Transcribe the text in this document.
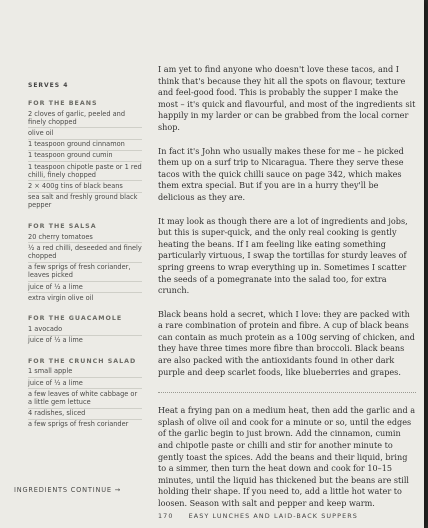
SERVES 4
FOR THE BEANS
2 cloves of garlic, peeled and finely chopped
olive oil
1 teaspoon ground cinnamon
1 teaspoon ground cumin
1 teaspoon chipotle paste or 1 red chilli, finely chopped
2 × 400g tins of black beans
sea salt and freshly ground black pepper
FOR THE SALSA
20 cherry tomatoes
½ a red chilli, deseeded and finely chopped
a few sprigs of fresh coriander, leaves picked
juice of ½ a lime
extra virgin olive oil
FOR THE GUACAMOLE
1 avocado
juice of ½ a lime
FOR THE CRUNCH SALAD
1 small apple
juice of ½ a lime
a few leaves of white cabbage or a little gem lettuce
4 radishes, sliced
a few sprigs of fresh coriander
INGREDIENTS CONTINUE →

I am yet to find anyone who doesn't love these tacos, and I think that's because they hit all the spots on flavour, texture and feel-good food. This is probably the supper I make the most – it's quick and flavourful, and most of the ingredients sit happily in my larder or can be grabbed from the local corner shop.

In fact it's John who usually makes these for me – he picked them up on a surf trip to Nicaragua. There they serve these tacos with the quick chilli sauce on page 342, which makes them extra special. But if you are in a hurry they'll be delicious as they are.

It may look as though there are a lot of ingredients and jobs, but this is super-quick, and the only real cooking is gently heating the beans. If I am feeling like eating something particularly virtuous, I swap the tortillas for sturdy leaves of spring greens to wrap everything up in. Sometimes I scatter the seeds of a pomegranate into the salad too, for extra crunch.

Black beans hold a secret, which I love: they are packed with a rare combination of protein and fibre. A cup of black beans can contain as much protein as a 100g serving of chicken, and they have three times more fibre than broccoli. Black beans are also packed with the antioxidants found in other dark purple and deep scarlet foods, like blueberries and grapes.

Heat a frying pan on a medium heat, then add the garlic and a splash of olive oil and cook for a minute or so, until the edges of the garlic begin to just brown. Add the cinnamon, cumin and chipotle paste or chilli and stir for another minute to gently toast the spices. Add the beans and their liquid, bring to a simmer, then turn the heat down and cook for 10–15 minutes, until the liquid has thickened but the beans are still holding their shape. If you need to, add a little hot water to loosen. Season with salt and pepper and keep warm.
170 EASY LUNCHES AND LAID-BACK SUPPERS
